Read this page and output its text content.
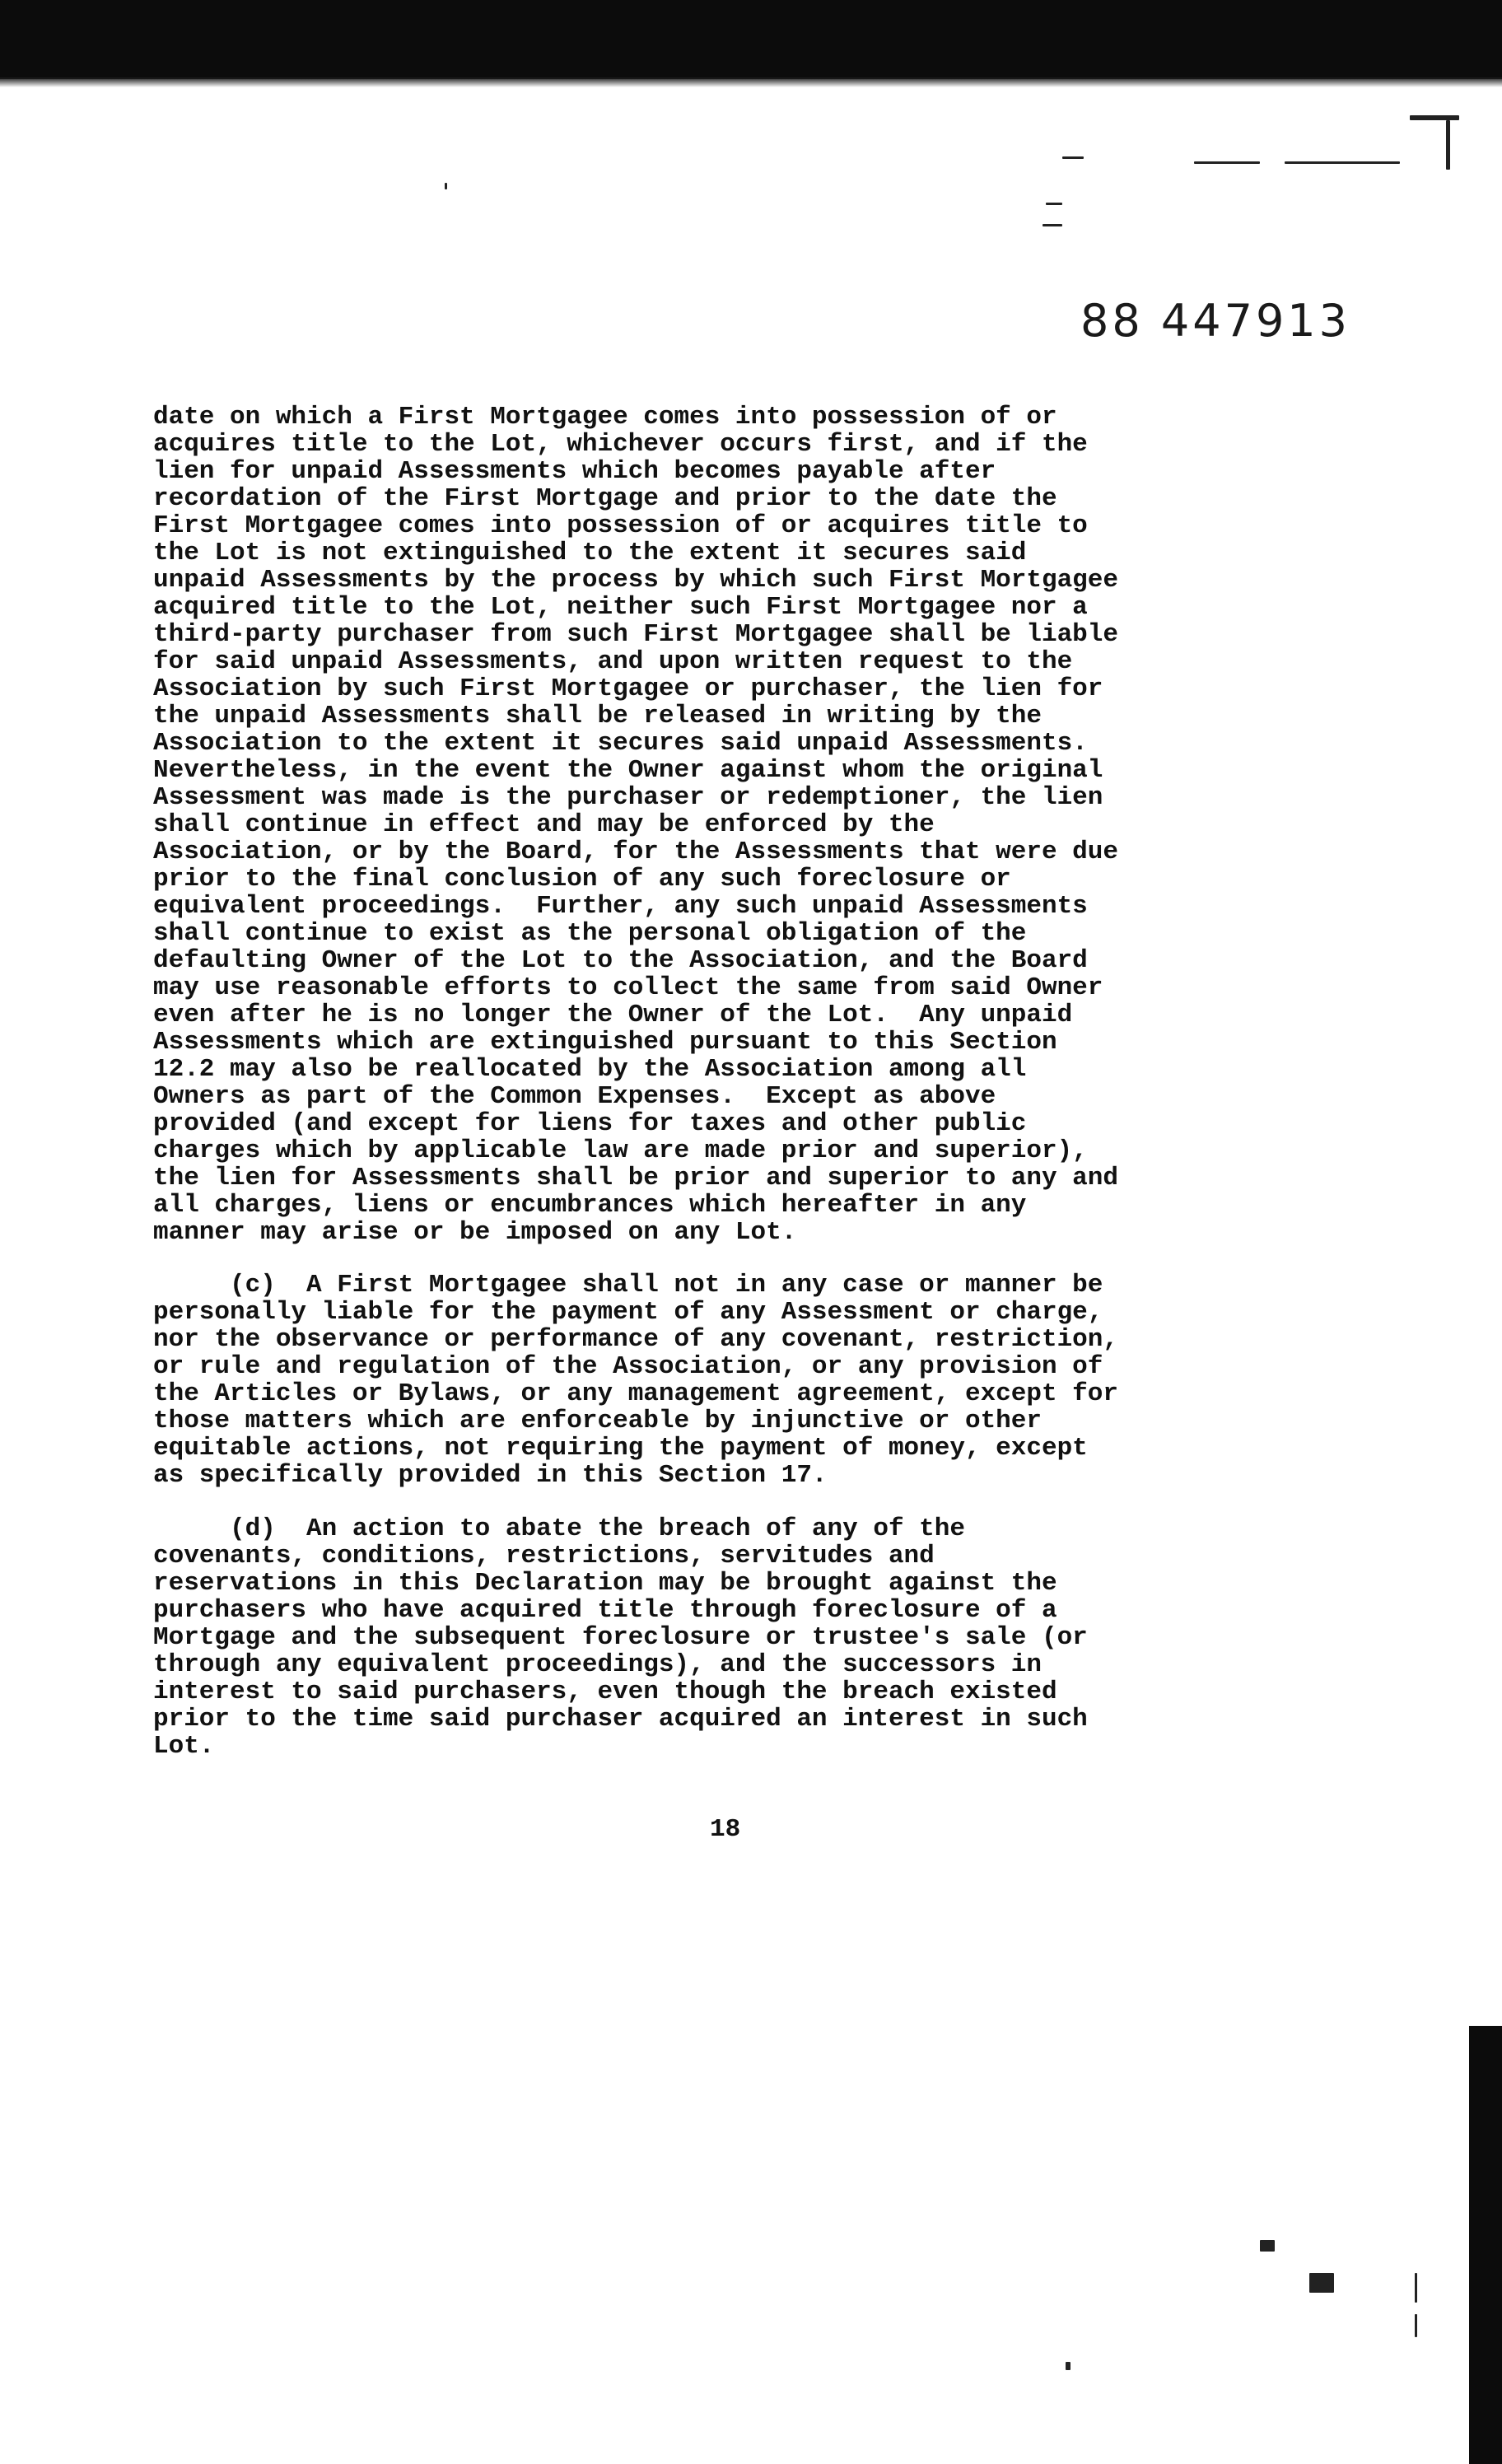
88 447913
date on which a First Mortgagee comes into possession of or
acquires title to the Lot, whichever occurs first, and if the
lien for unpaid Assessments which becomes payable after
recordation of the First Mortgage and prior to the date the
First Mortgagee comes into possession of or acquires title to
the Lot is not extinguished to the extent it secures said
unpaid Assessments by the process by which such First Mortgagee
acquired title to the Lot, neither such First Mortgagee nor a
third-party purchaser from such First Mortgagee shall be liable
for said unpaid Assessments, and upon written request to the
Association by such First Mortgagee or purchaser, the lien for
the unpaid Assessments shall be released in writing by the
Association to the extent it secures said unpaid Assessments.
Nevertheless, in the event the Owner against whom the original
Assessment was made is the purchaser or redemptioner, the lien
shall continue in effect and may be enforced by the
Association, or by the Board, for the Assessments that were due
prior to the final conclusion of any such foreclosure or
equivalent proceedings.  Further, any such unpaid Assessments
shall continue to exist as the personal obligation of the
defaulting Owner of the Lot to the Association, and the Board
may use reasonable efforts to collect the same from said Owner
even after he is no longer the Owner of the Lot.  Any unpaid
Assessments which are extinguished pursuant to this Section
12.2 may also be reallocated by the Association among all
Owners as part of the Common Expenses.  Except as above
provided (and except for liens for taxes and other public
charges which by applicable law are made prior and superior),
the lien for Assessments shall be prior and superior to any and
all charges, liens or encumbrances which hereafter in any
manner may arise or be imposed on any Lot.
(c)  A First Mortgagee shall not in any case or manner be
personally liable for the payment of any Assessment or charge,
nor the observance or performance of any covenant, restriction,
or rule and regulation of the Association, or any provision of
the Articles or Bylaws, or any management agreement, except for
those matters which are enforceable by injunctive or other
equitable actions, not requiring the payment of money, except
as specifically provided in this Section 17.
(d)  An action to abate the breach of any of the
covenants, conditions, restrictions, servitudes and
reservations in this Declaration may be brought against the
purchasers who have acquired title through foreclosure of a
Mortgage and the subsequent foreclosure or trustee's sale (or
through any equivalent proceedings), and the successors in
interest to said purchasers, even though the breach existed
prior to the time said purchaser acquired an interest in such
Lot.
18
